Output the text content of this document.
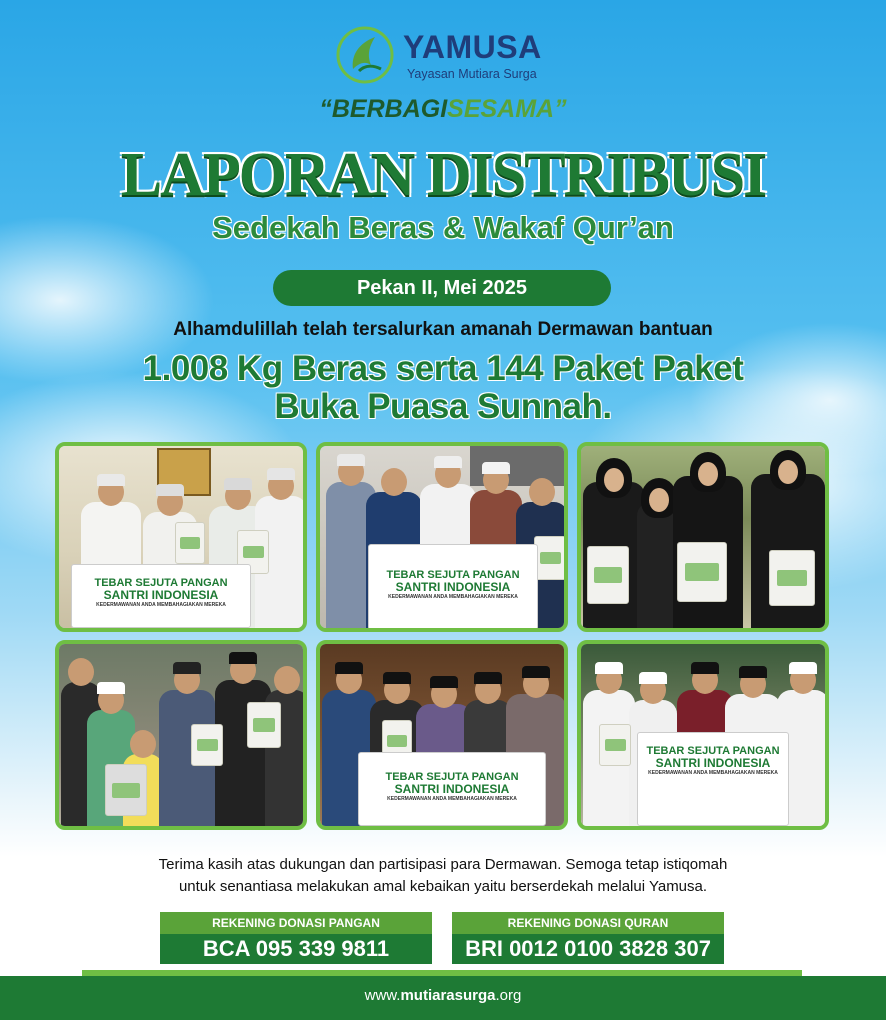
YAMUSA
Yayasan Mutiara Surga
“BERBAGISESAMA”
LAPORAN DISTRIBUSI
Sedekah Beras & Wakaf Qur’an
Pekan II, Mei 2025
Alhamdulillah telah tersalurkan amanah Dermawan bantuan
1.008 Kg Beras serta 144 Paket Paket
Buka Puasa Sunnah.
TEBAR SEJUTA PANGAN
SANTRI INDONESIA
KEDERMAWANAN ANDA MEMBAHAGIAKAN MEREKA
TEBAR SEJUTA PANGAN
SANTRI INDONESIA
KEDERMAWANAN ANDA MEMBAHAGIAKAN MEREKA
TEBAR SEJUTA PANGAN
SANTRI INDONESIA
KEDERMAWANAN ANDA MEMBAHAGIAKAN MEREKA
TEBAR SEJUTA PANGAN
SANTRI INDONESIA
KEDERMAWANAN ANDA MEMBAHAGIAKAN MEREKA
Terima kasih atas dukungan dan partisipasi para Dermawan. Semoga tetap istiqomah
untuk senantiasa melakukan amal kebaikan yaitu berserdekah melalui Yamusa.
REKENING DONASI PANGAN
BCA 095 339 9811
REKENING DONASI QURAN
BRI 0012 0100 3828 307
www.mutiarasurga.org
